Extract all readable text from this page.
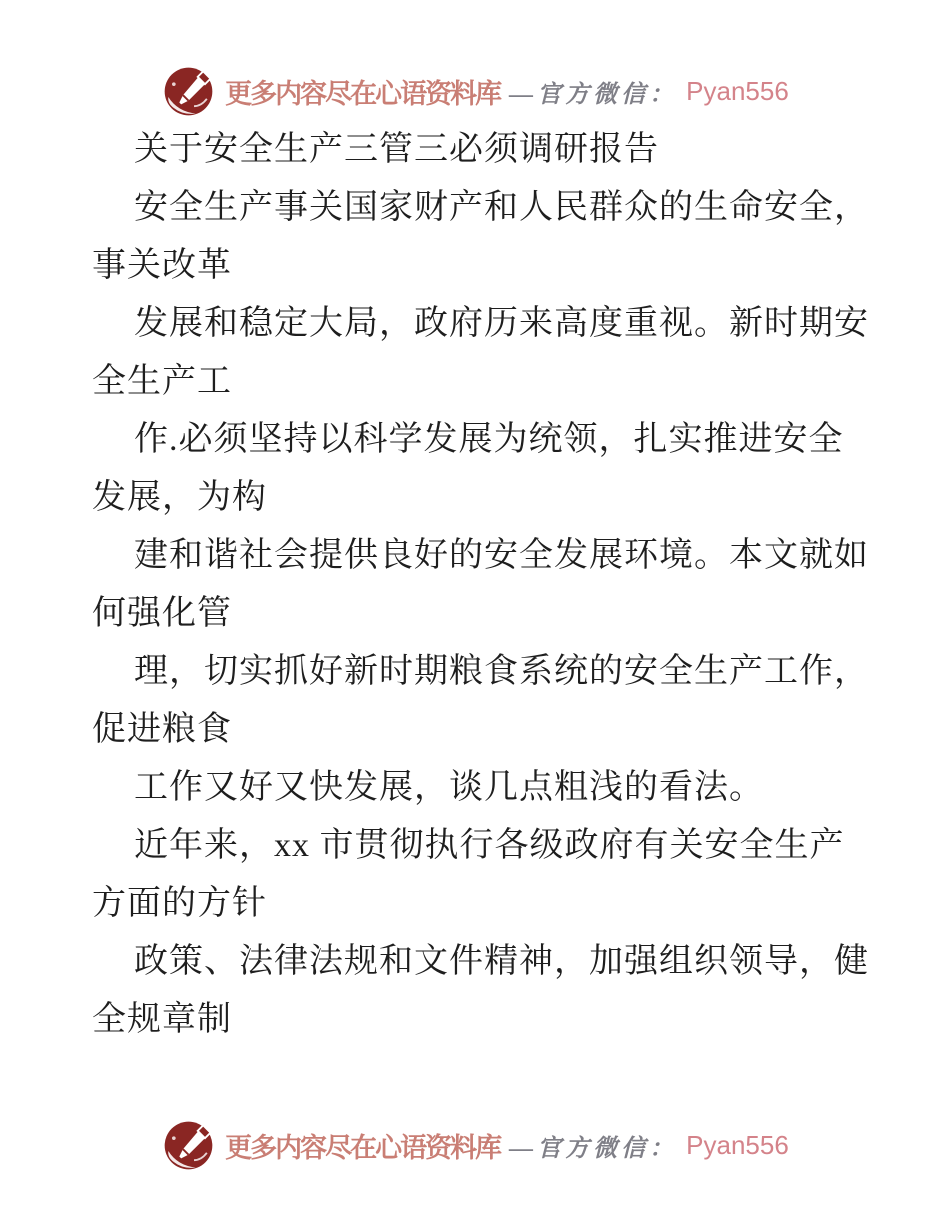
更多内容尽在心语资料库 —官方微信： Pyan556
关于安全生产三管三必须调研报告
安全生产事关国家财产和人民群众的生命安全，
事关改革
发展和稳定大局，政府历来高度重视。新时期安
全生产工
作.必须坚持以科学发展为统领，扎实推进安全
发展，为构
建和谐社会提供良好的安全发展环境。本文就如
何强化管
理，切实抓好新时期粮食系统的安全生产工作，
促进粮食
工作又好又快发展，谈几点粗浅的看法。
近年来，xx 市贯彻执行各级政府有关安全生产
方面的方针
政策、法律法规和文件精神，加强组织领导，健
全规章制
更多内容尽在心语资料库 —官方微信： Pyan556
